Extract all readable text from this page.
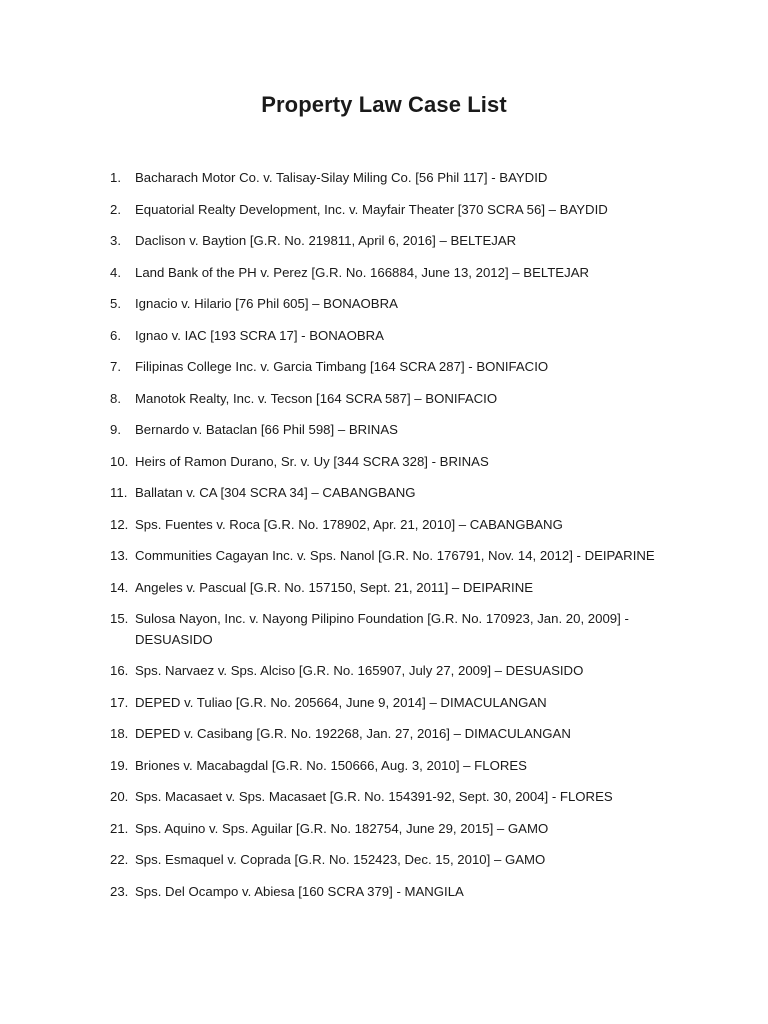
Property Law Case List
1.	Bacharach Motor Co. v. Talisay-Silay Miling Co. [56 Phil 117] - BAYDID
2.	Equatorial Realty Development, Inc. v. Mayfair Theater [370 SCRA 56] – BAYDID
3.	Daclison v. Baytion [G.R. No. 219811, April 6, 2016] – BELTEJAR
4.	Land Bank of the PH v. Perez [G.R. No. 166884, June 13, 2012] – BELTEJAR
5.	Ignacio v. Hilario [76 Phil 605] – BONAOBRA
6.	Ignao v. IAC [193 SCRA 17] - BONAOBRA
7.	Filipinas College Inc. v. Garcia Timbang [164 SCRA 287] - BONIFACIO
8.	Manotok Realty, Inc. v. Tecson [164 SCRA 587] – BONIFACIO
9.	Bernardo v. Bataclan [66 Phil 598] – BRINAS
10. Heirs of Ramon Durano, Sr. v. Uy [344 SCRA 328] - BRINAS
11. Ballatan v. CA [304 SCRA 34] – CABANGBANG
12. Sps. Fuentes v. Roca [G.R. No. 178902, Apr. 21, 2010] – CABANGBANG
13. Communities Cagayan Inc. v. Sps. Nanol [G.R. No. 176791, Nov. 14, 2012] - DEIPARINE
14. Angeles v. Pascual [G.R. No. 157150, Sept. 21, 2011] – DEIPARINE
15. Sulosa Nayon, Inc. v. Nayong Pilipino Foundation [G.R. No. 170923, Jan. 20, 2009] - DESUASIDO
16. Sps. Narvaez v. Sps. Alciso [G.R. No. 165907, July 27, 2009] – DESUASIDO
17. DEPED v. Tuliao [G.R. No. 205664, June 9, 2014] – DIMACULANGAN
18. DEPED v. Casibang [G.R. No. 192268, Jan. 27, 2016] – DIMACULANGAN
19. Briones v. Macabagdal [G.R. No. 150666, Aug. 3, 2010] – FLORES
20. Sps. Macasaet v. Sps. Macasaet [G.R. No. 154391-92, Sept. 30, 2004] - FLORES
21. Sps. Aquino v. Sps. Aguilar [G.R. No. 182754, June 29, 2015] – GAMO
22. Sps. Esmaquel v. Coprada [G.R. No. 152423, Dec. 15, 2010] – GAMO
23. Sps. Del Ocampo v. Abiesa [160 SCRA 379] - MANGILA
